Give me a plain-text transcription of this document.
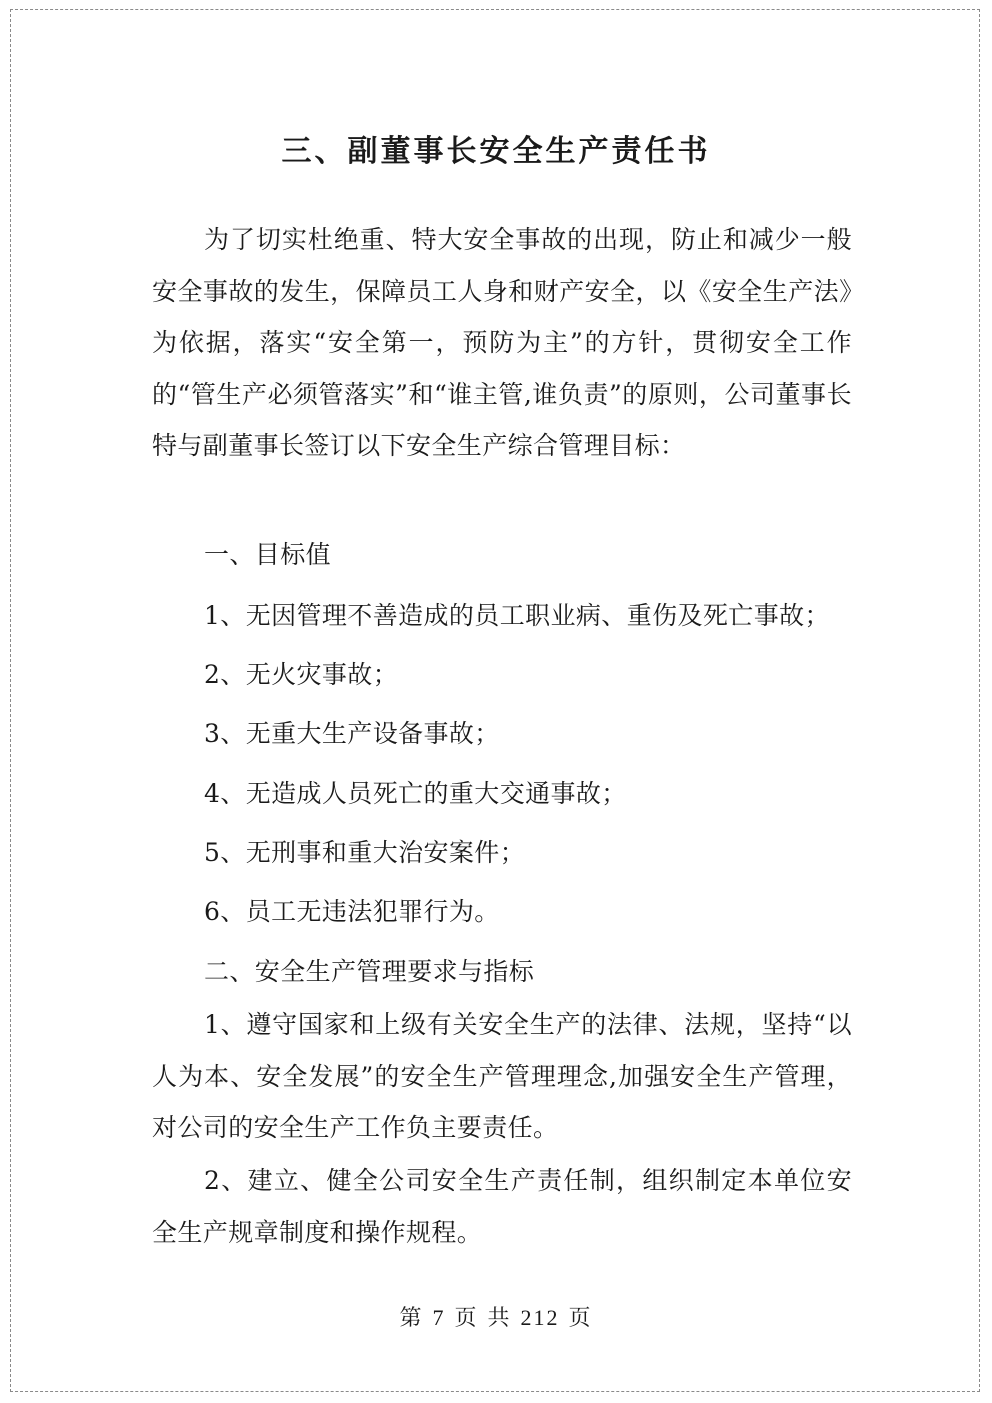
三、副董事长安全生产责任书

为了切实杜绝重、特大安全事故的出现，防止和减少一般安全事故的发生，保障员工人身和财产安全，以《安全生产法》为依据，落实“安全第一，预防为主”的方针，贯彻安全工作的“管生产必须管落实”和“谁主管,谁负责”的原则，公司董事长特与副董事长签订以下安全生产综合管理目标：

一、目标值

1、无因管理不善造成的员工职业病、重伤及死亡事故；

2、无火灾事故；

3、无重大生产设备事故；

4、无造成人员死亡的重大交通事故；

5、无刑事和重大治安案件；

6、员工无违法犯罪行为。

二、安全生产管理要求与指标

1、遵守国家和上级有关安全生产的法律、法规，坚持“以人为本、安全发展”的安全生产管理理念,加强安全生产管理，对公司的安全生产工作负主要责任。

2、建立、健全公司安全生产责任制，组织制定本单位安全生产规章制度和操作规程。

第 7 页 共 212 页
